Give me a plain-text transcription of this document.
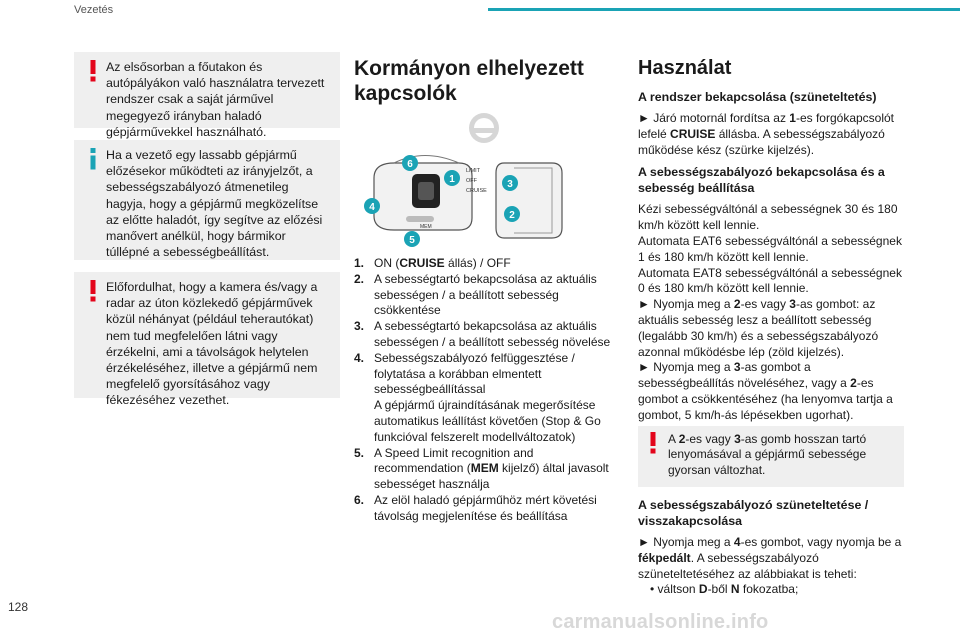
Vezetés

Az elsősorban a főutakon és autópályákon való használatra tervezett rendszer csak a saját járművel megegyező irányban haladó gépjárművekkel használható.

Ha a vezető egy lassabb gépjármű előzésekor működteti az irányjelzőt, a sebességszabályozó átmenetileg hagyja, hogy a gépjármű megközelítse az előtte haladót, így segítve az előzési manővert anélkül, hogy bármikor túllépné a sebességbeállítást.

Előfordulhat, hogy a kamera és/vagy a radar az úton közlekedő gépjárművek közül néhányat (például teherautókat) nem tud megfelelően látni vagy érzékelni, ami a távolságok helytelen érzékeléséhez, illetve a gépjármű nem megfelelő gyorsításához vagy fékezéséhez vezethet.

Kormányon elhelyezett kapcsolók
LIMIT
OFF
CRUISE
MEM
1
2
3
4
5
6
1. ON (CRUISE állás) / OFF
2. A sebességtartó bekapcsolása az aktuális sebességen / a beállított sebesség csökkentése
3. A sebességtartó bekapcsolása az aktuális sebességen / a beállított sebesség növelése
4. Sebességszabályozó felfüggesztése / folytatása a korábban elmentett sebességbeállítással
A gépjármű újraindításának megerősítése automatikus leállítást követően (Stop & Go funkcióval felszerelt modellváltozatok)
5. A Speed Limit recognition and recommendation (MEM kijelző) által javasolt sebességet használja
6. Az elöl haladó gépjárműhöz mért követési távolság megjelenítése és beállítása
Használat
A rendszer bekapcsolása (szüneteltetés)

► Járó motornál fordítsa az 1-es forgókapcsolót lefelé CRUISE állásba. A sebességszabályozó működése kész (szürke kijelzés).

A sebességszabályozó bekapcsolása és a sebesség beállítása

Kézi sebességváltónál a sebességnek 30 és 180 km/h között kell lennie.
Automata EAT6 sebességváltónál a sebességnek 1 és 180 km/h között kell lennie.
Automata EAT8 sebességváltónál a sebességnek 0 és 180 km/h között kell lennie.
► Nyomja meg a 2-es vagy 3-as gombot: az aktuális sebesség lesz a beállított sebesség (legalább 30 km/h) és a sebességszabályozó azonnal működésbe lép (zöld kijelzés).
► Nyomja meg a 3-as gombot a sebességbeállítás növeléséhez, vagy a 2-es gombot a csökkentéséhez (ha lenyomva tartja a gombot, 5 km/h-ás lépésekben ugorhat).

A 2-es vagy 3-as gomb hosszan tartó lenyomásával a gépjármű sebessége gyorsan változhat.

A sebességszabályozó szüneteltetése / visszakapcsolása

► Nyomja meg a 4-es gombot, vagy nyomja be a fékpedált. A sebességszabályozó szüneteltetéséhez az alábbiakat is teheti:

• váltson D-ből N fokozatba;

128
carmanualsonline.info
